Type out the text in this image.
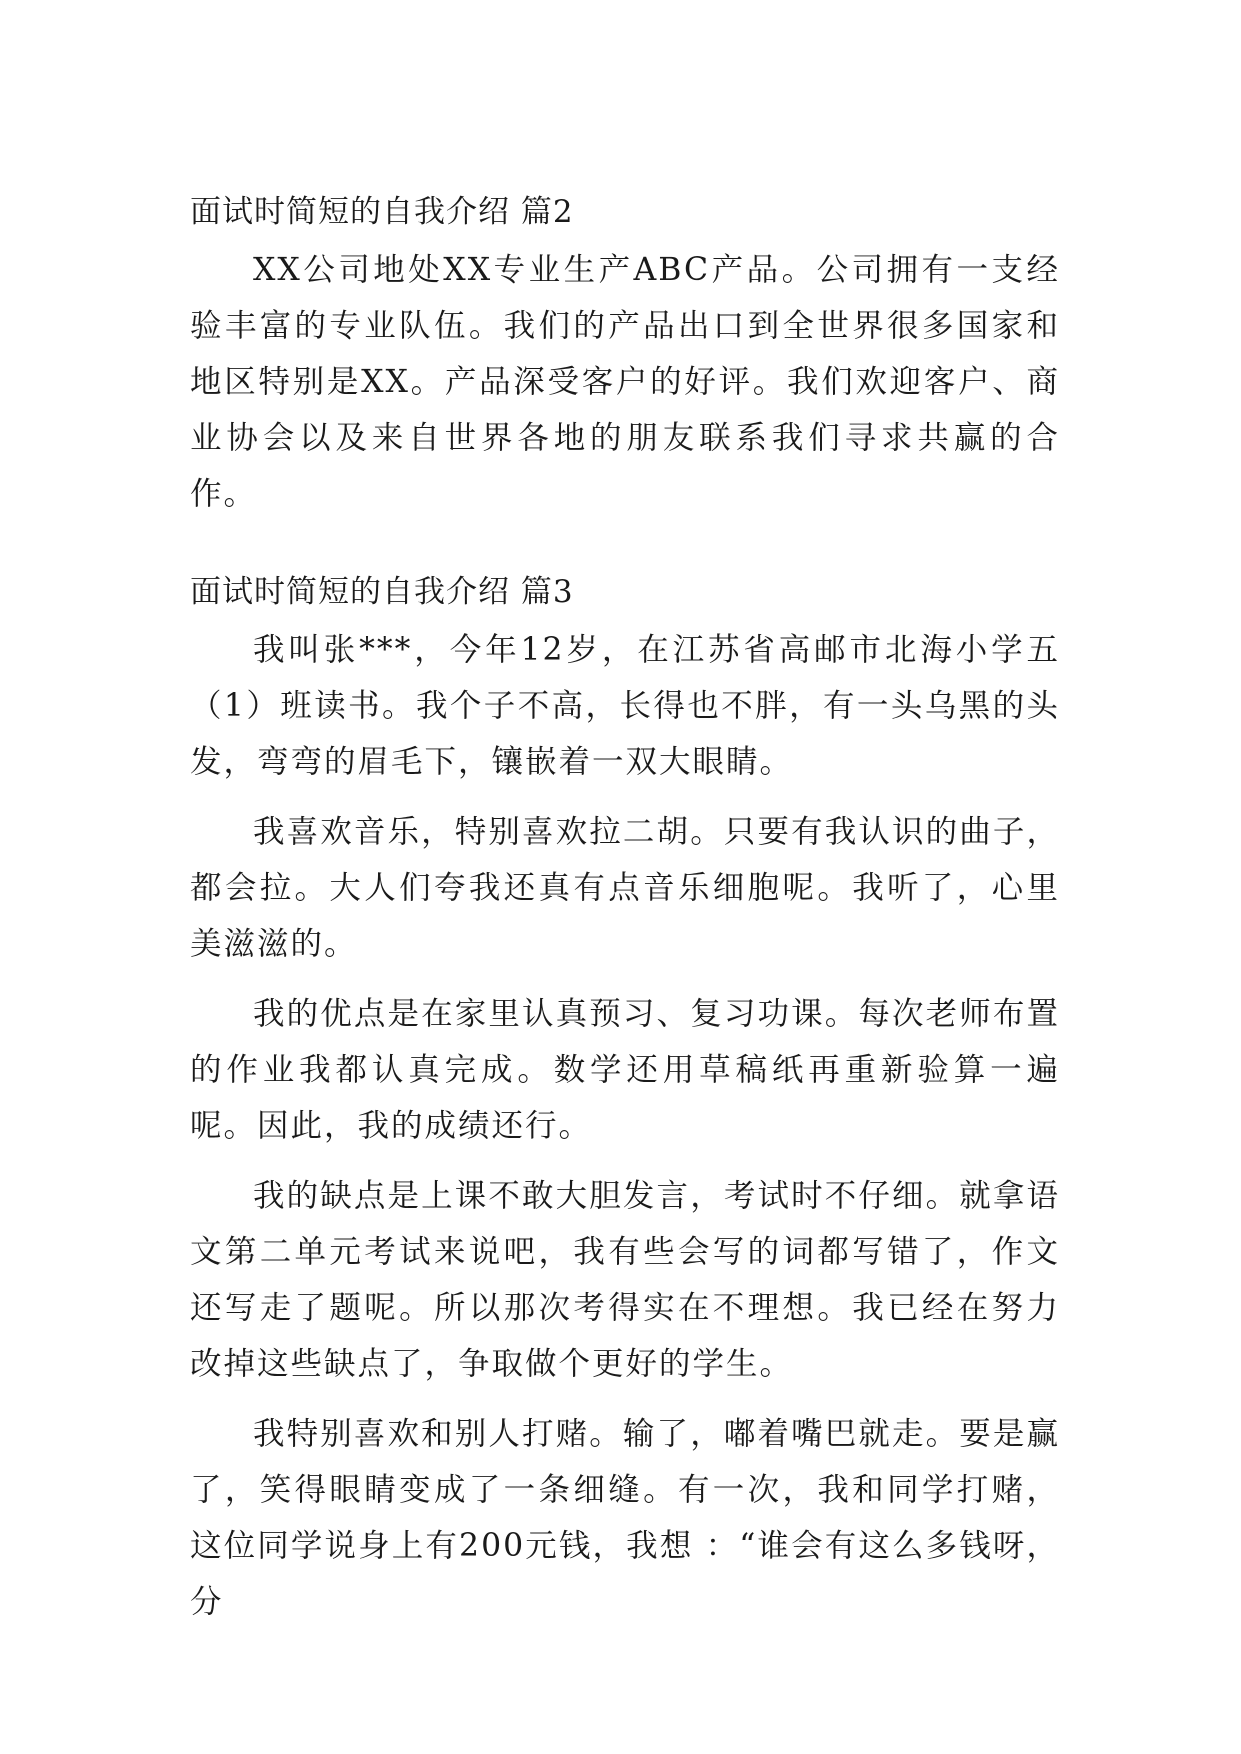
面试时简短的自我介绍 篇2

XX公司地处XX专业生产ABC产品。公司拥有一支经验丰富的专业队伍。我们的产品出口到全世界很多国家和地区特别是XX。产品深受客户的好评。我们欢迎客户、商业协会以及来自世界各地的朋友联系我们寻求共赢的合作。

面试时简短的自我介绍 篇3

我叫张***，今年12岁，在江苏省高邮市北海小学五（1）班读书。我个子不高，长得也不胖，有一头乌黑的头发，弯弯的眉毛下，镶嵌着一双大眼睛。

我喜欢音乐，特别喜欢拉二胡。只要有我认识的曲子，都会拉。大人们夸我还真有点音乐细胞呢。我听了，心里美滋滋的。

我的优点是在家里认真预习、复习功课。每次老师布置的作业我都认真完成。数学还用草稿纸再重新验算一遍呢。因此，我的成绩还行。

我的缺点是上课不敢大胆发言，考试时不仔细。就拿语文第二单元考试来说吧，我有些会写的词都写错了，作文还写走了题呢。所以那次考得实在不理想。我已经在努力改掉这些缺点了，争取做个更好的学生。

我特别喜欢和别人打赌。输了，嘟着嘴巴就走。要是赢了，笑得眼睛变成了一条细缝。有一次，我和同学打赌，这位同学说身上有200元钱，我想 ：“谁会有这么多钱呀，分
